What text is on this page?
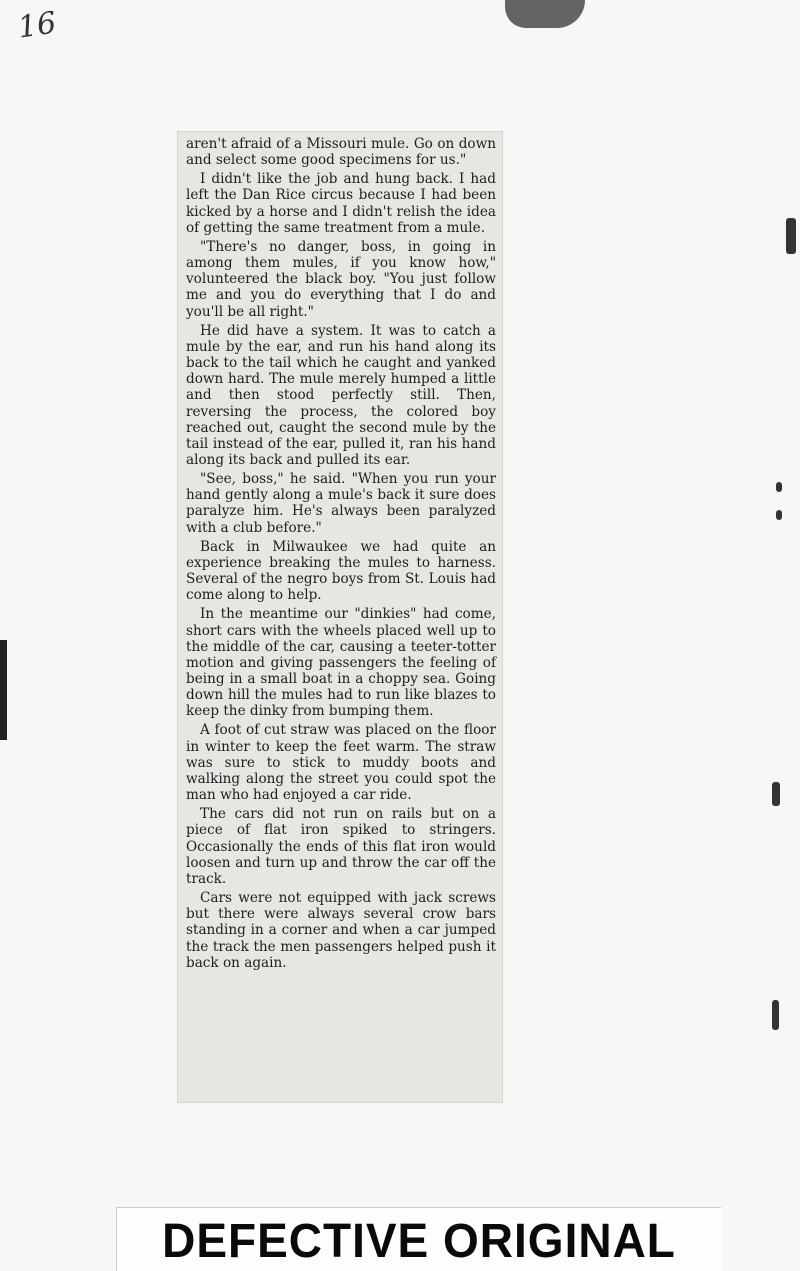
16

aren't afraid of a Missouri mule. Go on down and select some good specimens for us."

I didn't like the job and hung back. I had left the Dan Rice circus because I had been kicked by a horse and I didn't relish the idea of getting the same treatment from a mule.

"There's no danger, boss, in going in among them mules, if you know how," volunteered the black boy. "You just follow me and you do everything that I do and you'll be all right."

He did have a system. It was to catch a mule by the ear, and run his hand along its back to the tail which he caught and yanked down hard. The mule merely humped a little and then stood perfectly still. Then, reversing the process, the colored boy reached out, caught the second mule by the tail instead of the ear, pulled it, ran his hand along its back and pulled its ear.

"See, boss," he said. "When you run your hand gently along a mule's back it sure does paralyze him. He's always been paralyzed with a club before."

Back in Milwaukee we had quite an experience breaking the mules to harness. Several of the negro boys from St. Louis had come along to help.

In the meantime our "dinkies" had come, short cars with the wheels placed well up to the middle of the car, causing a teeter-totter motion and giving passengers the feeling of being in a small boat in a choppy sea. Going down hill the mules had to run like blazes to keep the dinky from bumping them.

A foot of cut straw was placed on the floor in winter to keep the feet warm. The straw was sure to stick to muddy boots and walking along the street you could spot the man who had enjoyed a car ride.

The cars did not run on rails but on a piece of flat iron spiked to stringers. Occasionally the ends of this flat iron would loosen and turn up and throw the car off the track.

Cars were not equipped with jack screws but there were always several crow bars standing in a corner and when a car jumped the track the men passengers helped push it back on again.

DEFECTIVE ORIGINAL
